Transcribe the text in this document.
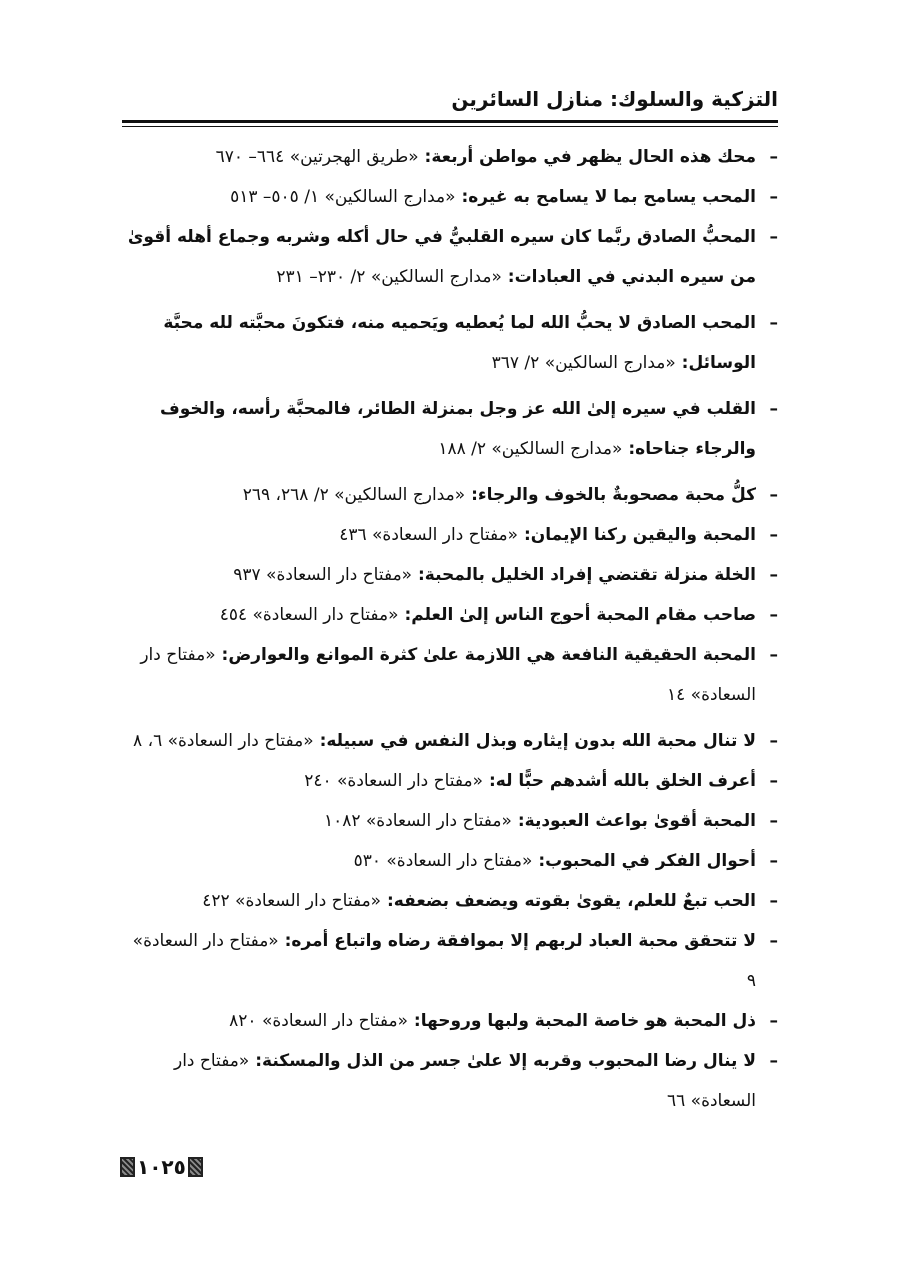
التزكية والسلوك: منازل السائرين
–
محك هذه الحال يظهر في مواطن أربعة: «طريق الهجرتين» ٦٦٤– ٦٧٠
–
المحب يسامح بما لا يسامح به غيره: «مدارج السالكين» ١/ ٥٠٥– ٥١٣
–
المحبُّ الصادق ربَّما كان سيره القلبيُّ في حال أكله وشربه وجماع أهله أقوىٰ من سيره البدني في العبادات: «مدارج السالكين» ٢/ ٢٣٠– ٢٣١
–
المحب الصادق لا يحبُّ الله لما يُعطيه ويَحميه منه، فتكونَ محبَّته لله محبَّة الوسائل: «مدارج السالكين» ٢/ ٣٦٧
–
القلب في سيره إلىٰ الله عز وجل بمنزلة الطائر، فالمحبَّة رأسه، والخوف والرجاء جناحاه: «مدارج السالكين» ٢/ ١٨٨
–
كلُّ محبة مصحوبةٌ بالخوف والرجاء: «مدارج السالكين» ٢/ ٢٦٨، ٢٦٩
–
المحبة واليقين ركنا الإيمان: «مفتاح دار السعادة» ٤٣٦
–
الخلة منزلة تقتضي إفراد الخليل بالمحبة: «مفتاح دار السعادة» ٩٣٧
–
صاحب مقام المحبة أحوج الناس إلىٰ العلم: «مفتاح دار السعادة» ٤٥٤
–
المحبة الحقيقية النافعة هي اللازمة علىٰ كثرة الموانع والعوارض: «مفتاح دار السعادة» ١٤
–
لا تنال محبة الله بدون إيثاره وبذل النفس في سبيله: «مفتاح دار السعادة» ٦، ٨
–
أعرف الخلق بالله أشدهم حبًّا له: «مفتاح دار السعادة» ٢٤٠
–
المحبة أقوىٰ بواعث العبودية: «مفتاح دار السعادة» ١٠٨٢
–
أحوال الفكر في المحبوب: «مفتاح دار السعادة» ٥٣٠
–
الحب تبعٌ للعلم، يقوىٰ بقوته ويضعف بضعفه: «مفتاح دار السعادة» ٤٢٢
–
لا تتحقق محبة العباد لربهم إلا بموافقة رضاه واتباع أمره: «مفتاح دار السعادة» ٩
–
ذل المحبة هو خاصة المحبة ولبها وروحها: «مفتاح دار السعادة» ٨٢٠
–
لا ينال رضا المحبوب وقربه إلا علىٰ جسر من الذل والمسكنة: «مفتاح دار السعادة» ٦٦
١٠٢٥
